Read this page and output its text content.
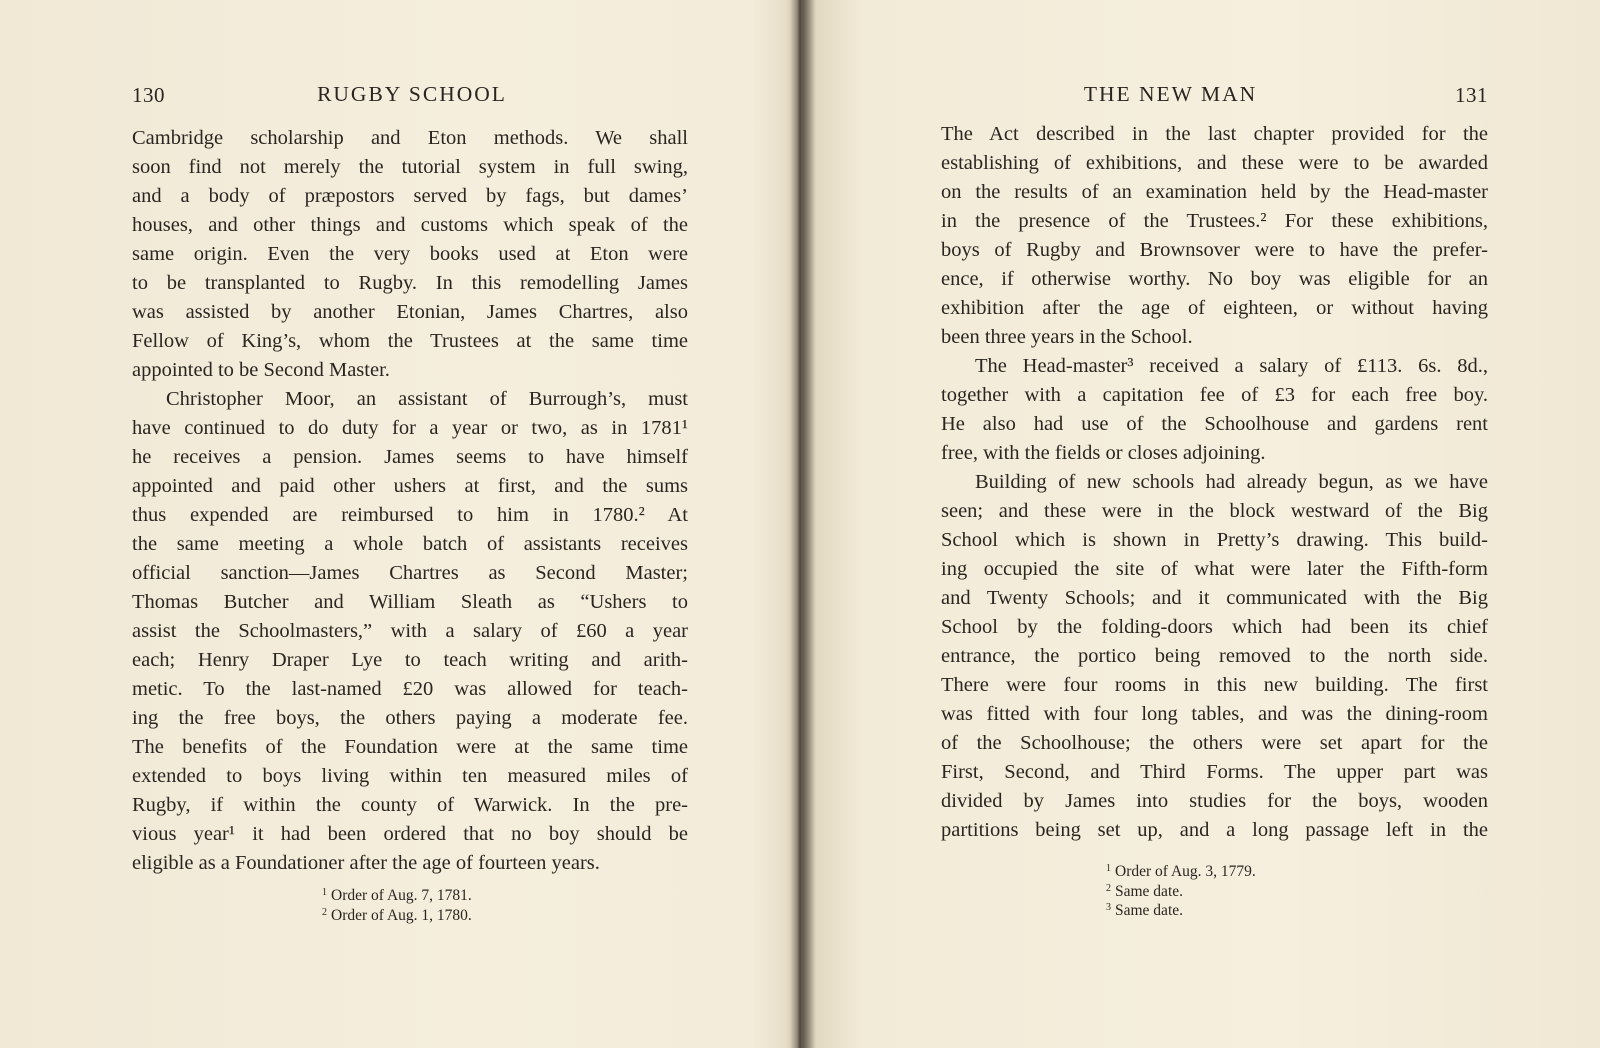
130	RUGBY SCHOOL

Cambridge scholarship and Eton methods. We shall
soon find not merely the tutorial system in full swing,
and a body of præpostors served by fags, but dames’
houses, and other things and customs which speak of the
same origin. Even the very books used at Eton were
to be transplanted to Rugby. In this remodelling James
was assisted by another Etonian, James Chartres, also
Fellow of King’s, whom the Trustees at the same time
appointed to be Second Master.

Christopher Moor, an assistant of Burrough’s, must
have continued to do duty for a year or two, as in 1781¹
he receives a pension. James seems to have himself
appointed and paid other ushers at first, and the sums
thus expended are reimbursed to him in 1780.² At
the same meeting a whole batch of assistants receives
official sanction—James Chartres as Second Master;
Thomas Butcher and William Sleath as “Ushers to
assist the Schoolmasters,” with a salary of £60 a year
each; Henry Draper Lye to teach writing and arith-
metic. To the last-named £20 was allowed for teach-
ing the free boys, the others paying a moderate fee.
The benefits of the Foundation were at the same time
extended to boys living within ten measured miles of
Rugby, if within the county of Warwick. In the pre-
vious year¹ it had been ordered that no boy should be
eligible as a Foundationer after the age of fourteen years.

$^1$ Order of Aug. 7, 1781.
$^2$ Order of Aug. 1, 1780.
THE NEW MAN	131

The Act described in the last chapter provided for the
establishing of exhibitions, and these were to be awarded
on the results of an examination held by the Head-master
in the presence of the Trustees.² For these exhibitions,
boys of Rugby and Brownsover were to have the prefer-
ence, if otherwise worthy. No boy was eligible for an
exhibition after the age of eighteen, or without having
been three years in the School.

The Head-master³ received a salary of £113. 6s. 8d.,
together with a capitation fee of £3 for each free boy.
He also had use of the Schoolhouse and gardens rent
free, with the fields or closes adjoining.

Building of new schools had already begun, as we have
seen; and these were in the block westward of the Big
School which is shown in Pretty’s drawing. This build-
ing occupied the site of what were later the Fifth-form
and Twenty Schools; and it communicated with the Big
School by the folding-doors which had been its chief
entrance, the portico being removed to the north side.
There were four rooms in this new building. The first
was fitted with four long tables, and was the dining-room
of the Schoolhouse; the others were set apart for the
First, Second, and Third Forms. The upper part was
divided by James into studies for the boys, wooden
partitions being set up, and a long passage left in the

$^1$ Order of Aug. 3, 1779.
$^2$ Same date.
$^3$ Same date.
